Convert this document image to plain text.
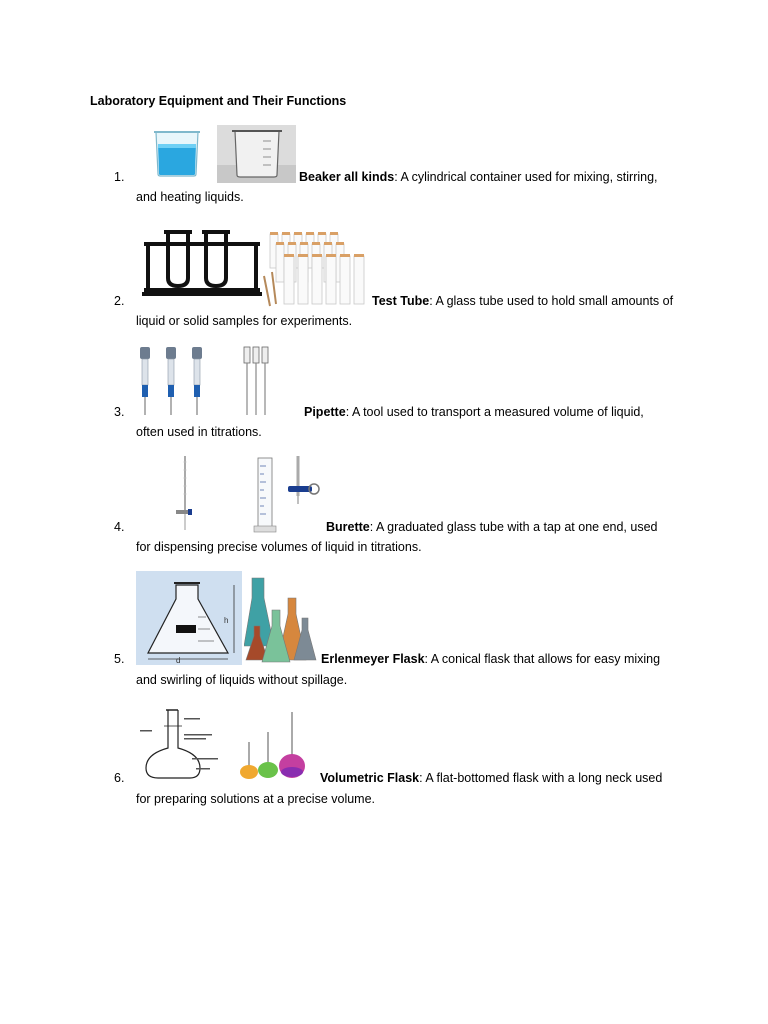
Laboratory Equipment and Their Functions
1.	Beaker all kinds: A cylindrical container used for mixing, stirring,
and heating liquids.
2.	Test Tube: A glass tube used to hold small amounts of
liquid or solid samples for experiments.
3.	Pipette: A tool used to transport a measured volume of liquid,
often used in titrations.
4.	Burette: A graduated glass tube with a tap at one end, used
for dispensing precise volumes of liquid in titrations.
h
d
5.	Erlenmeyer Flask: A conical flask that allows for easy mixing
and swirling of liquids without spillage.
6.	Volumetric Flask: A flat-bottomed flask with a long neck used
for preparing solutions at a precise volume.
